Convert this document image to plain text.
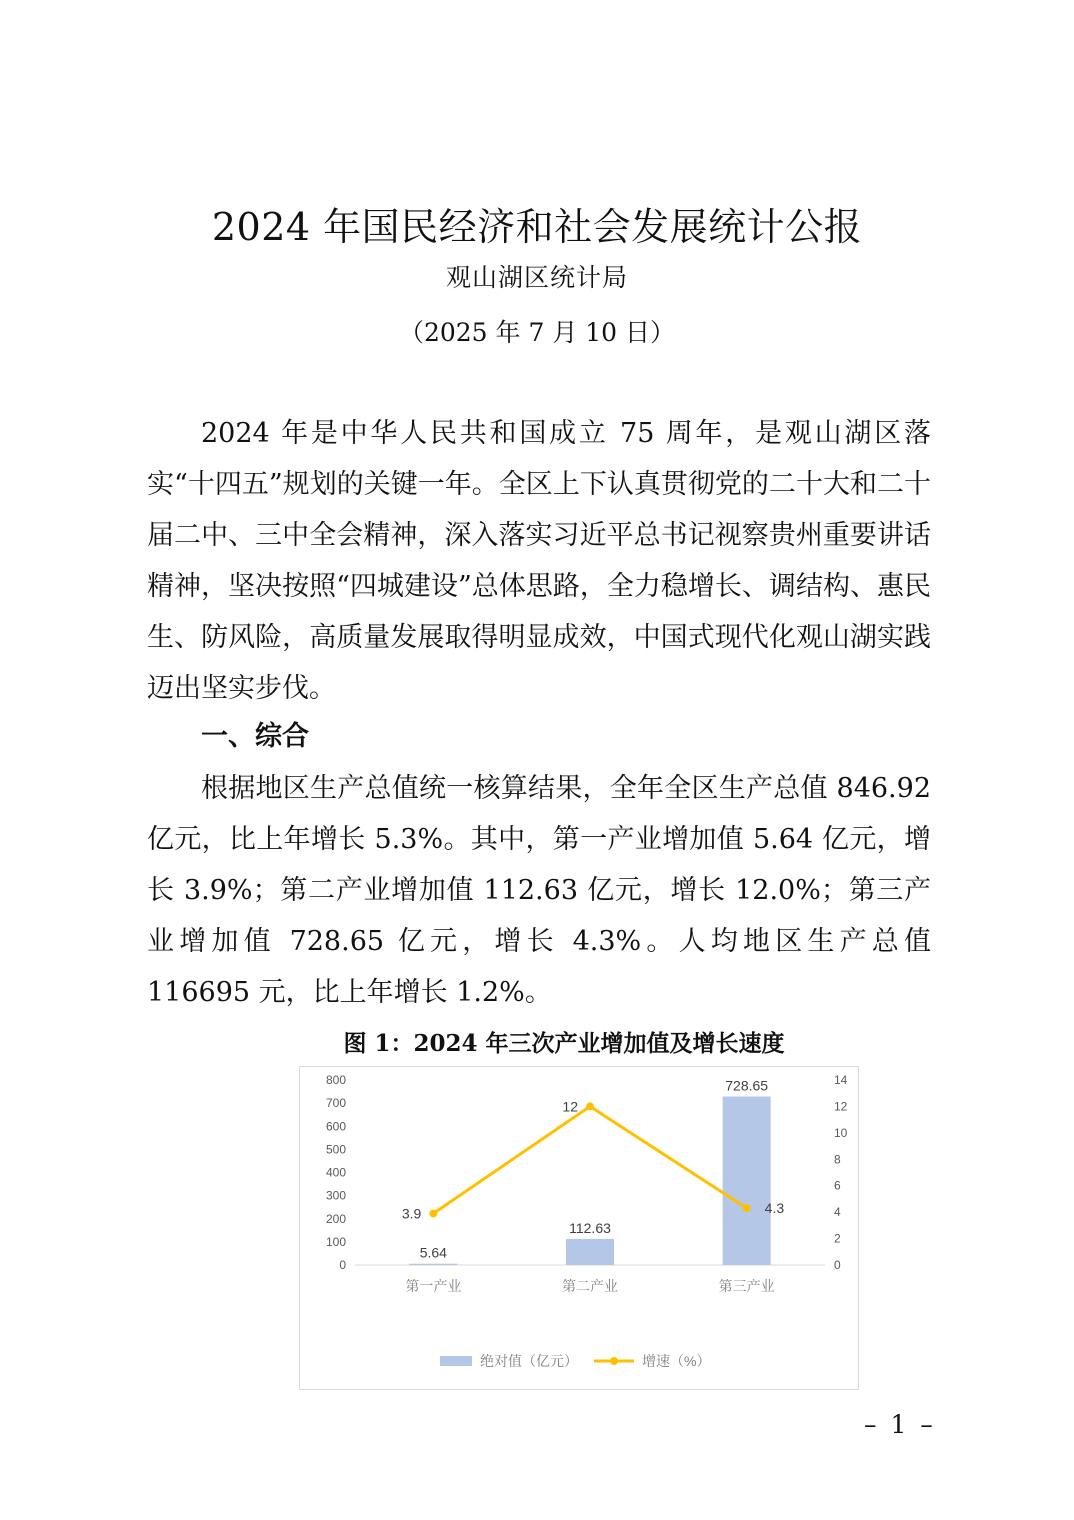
2024 年国民经济和社会发展统计公报
观山湖区统计局
（2025 年 7 月 10 日）

2024 年是中华人民共和国成立 75 周年，是观山湖区落实“十四五”规划的关键一年。全区上下认真贯彻党的二十大和二十届二中、三中全会精神，深入落实习近平总书记视察贵州重要讲话精神，坚决按照“四城建设”总体思路，全力稳增长、调结构、惠民生、防风险，高质量发展取得明显成效，中国式现代化观山湖实践迈出坚实步伐。

一、综合

根据地区生产总值统一核算结果，全年全区生产总值 846.92 亿元，比上年增长 5.3%。其中，第一产业增加值 5.64 亿元，增长 3.9%；第二产业增加值 112.63 亿元，增长 12.0%；第三产业增加值 728.65 亿元，增长 4.3%。人均地区生产总值 116695 元，比上年增长 1.2%。

图 1：2024 年三次产业增加值及增长速度
0
100
200
300
400
500
600
700
800
0
2
4
6
8
10
12
14
5.64
112.63
728.65
3.9
12
4.3
第一产业	第二产业	第三产业
绝对值（亿元）	增速（%）
– 1 –
